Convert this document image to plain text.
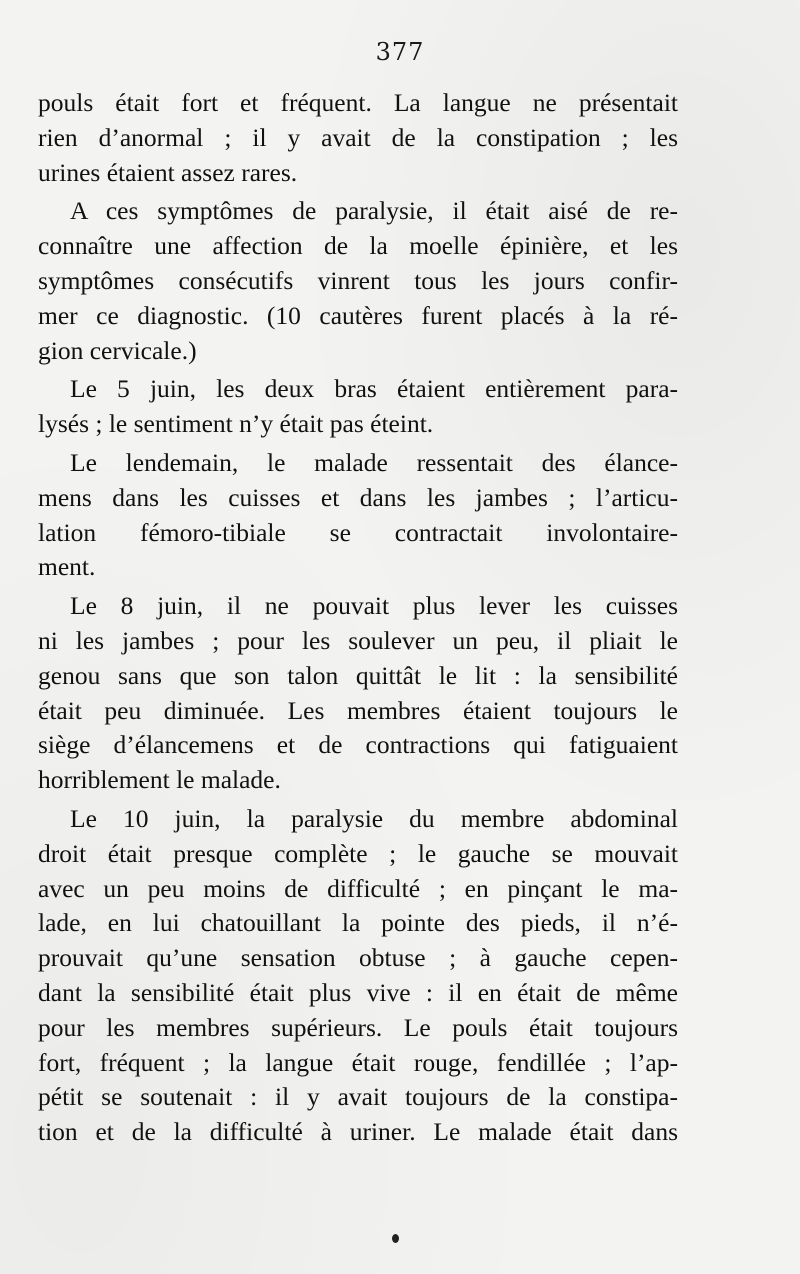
377
pouls était fort et fréquent. La langue ne présentait
rien d’anormal ; il y avait de la constipation ; les
urines étaient assez rares.
A ces symptômes de paralysie, il était aisé de re-
connaître une affection de la moelle épinière, et les
symptômes consécutifs vinrent tous les jours confir-
mer ce diagnostic. (10 cautères furent placés à la ré-
gion cervicale.)
Le 5 juin, les deux bras étaient entièrement para-
lysés ; le sentiment n’y était pas éteint.
Le lendemain, le malade ressentait des élance-
mens dans les cuisses et dans les jambes ; l’articu-
lation fémoro-tibiale se contractait involontaire-
ment.
Le 8 juin, il ne pouvait plus lever les cuisses
ni les jambes ; pour les soulever un peu, il pliait le
genou sans que son talon quittât le lit : la sensibilité
était peu diminuée. Les membres étaient toujours le
siège d’élancemens et de contractions qui fatiguaient
horriblement le malade.
Le 10 juin, la paralysie du membre abdominal
droit était presque complète ; le gauche se mouvait
avec un peu moins de difficulté ; en pinçant le ma-
lade, en lui chatouillant la pointe des pieds, il n’é-
prouvait qu’une sensation obtuse ; à gauche cepen-
dant la sensibilité était plus vive : il en était de même
pour les membres supérieurs. Le pouls était toujours
fort, fréquent ; la langue était rouge, fendillée ; l’ap-
pétit se soutenait : il y avait toujours de la constipa-
tion et de la difficulté à uriner. Le malade était dans
